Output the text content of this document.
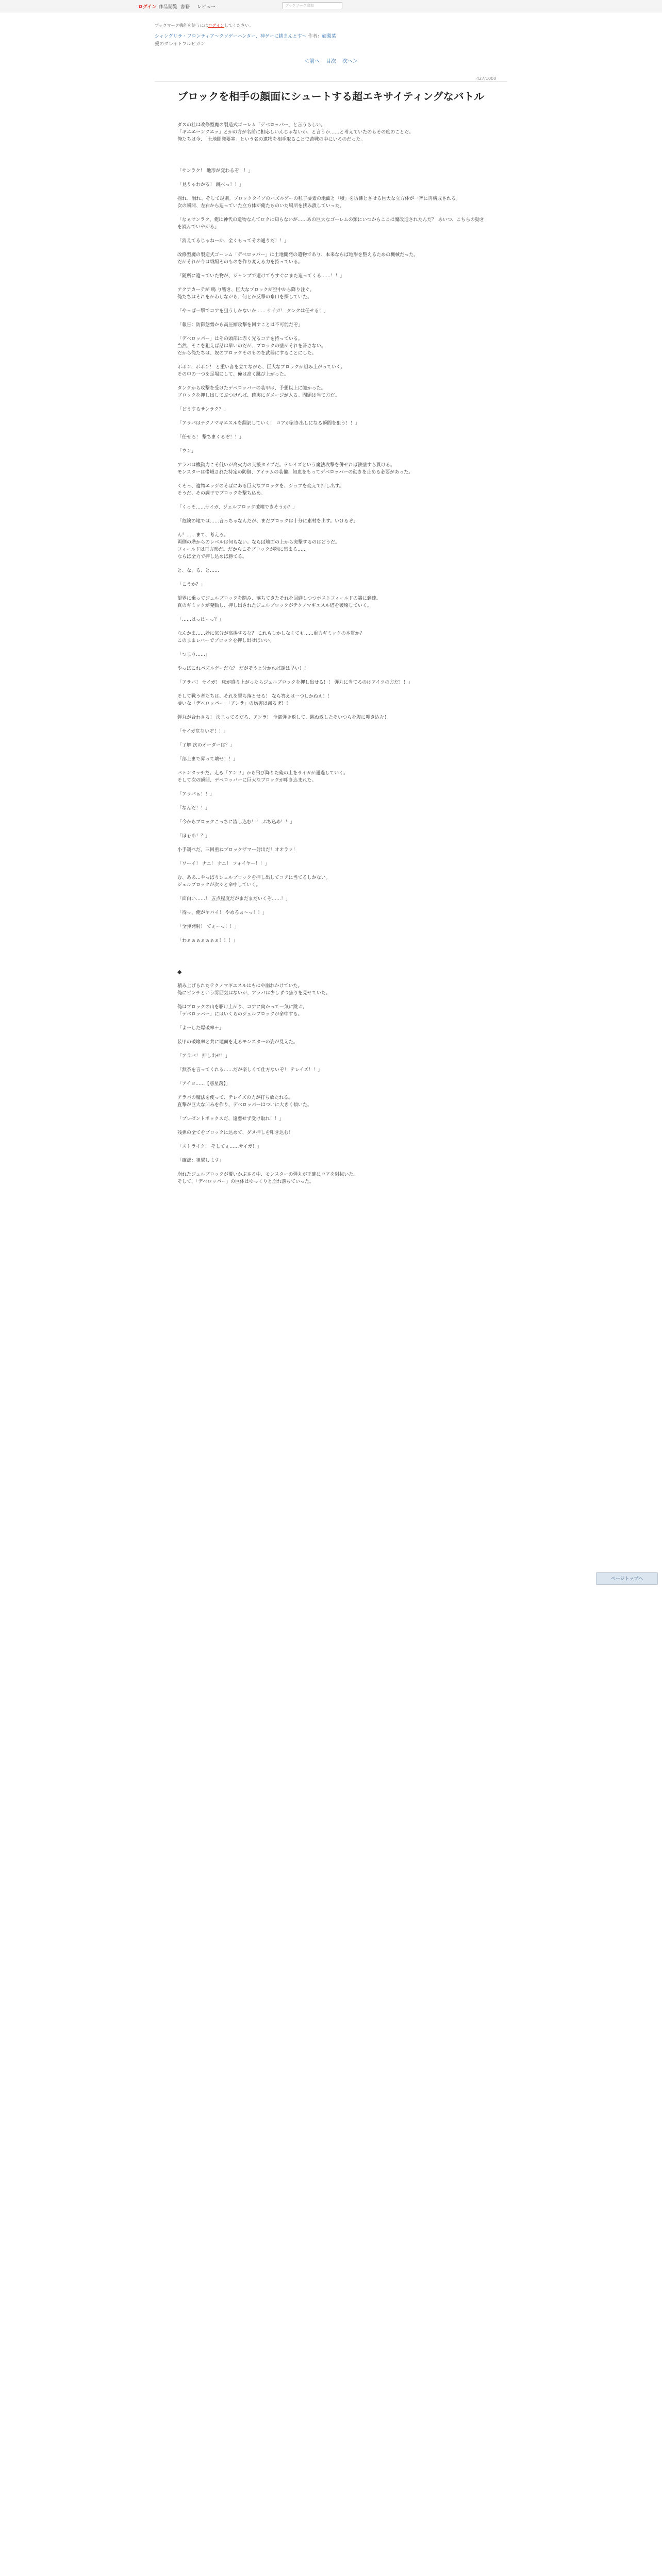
ログイン 作品閲覧 書籍 レビュー	ブックマーク追加
ブックマーク機能を使うにはログインしてください。
シャングリラ・フロンティア～クソゲーハンター、神ゲーに挑まんとす～ 作者：硬梨菜
愛のグレイトフルビガン
＜前へ 目次 次へ＞
427/1000
ブロックを相手の顔面にシュートする超エキサイティングなバトル

ダスの社は改修型魔の製造式ゴーレム「デベロッパー」と言うらしい。
「ギエエーンクエッ」とかの方が名前に相応しいんじゃないか、と言うか……と考えていたのもその度のことだ。
俺たちは今、「土地開発要塞」という名の遺物を相手取ることで苦戦の中にいるのだった。

「サンラク！ 地形が変わるぞ！！」

「見りゃわかる！ 跳べっ！！」

揺れ、崩れ、そして規則。ブロックタイプのバズルゲーの粒子要素の地面と「積」を彷彿とさせる巨大な立方体が一斉に再構成される。
次の瞬間、左右から迫っていた立方体が俺たちのいた場所を挟み潰していった。

「なぁサンラク、俺は神代の遺物なんてロクに知らないが……あの巨大なゴーレムの類にいつからここは魔改造されたんだ？ あいつ、こちらの動きを読んでいやがる」

「消えてるじゃねーか、全くもってその通りだ！！」

改修型魔の製造式ゴーレム「デベロッパー」は土地開発の遺物であり、本来ならば地形を整えるための機械だった。
だがそれが今は戦場そのものを作り変える力を持っている。

「随所に遺っていた物が、ジャンプで避けてもすぐにまた迫ってくる……！！」

アクアカーテが 鳴 り響き、巨大なブロックが空中から降り注ぐ。
俺たちはそれをかわしながら、何とか反撃の糸口を探していた。

「やっぱ一撃でコアを狙うしかないか…… サイガ！ タンクは任せる！」

「報告：防御態勢から高圧縮攻撃を回すことは不可能だぞ」

「デベロッパー」はその頭部に赤く光るコアを持っている。
当然、そこを狙えば話は早いのだが、ブロックの壁がそれを許さない。
だから俺たちは、奴のブロックそのものを武器にすることにした。

ボボン、ボボン！ と重い音を立てながら、巨大なブロックが組み上がっていく。
その中の一つを足場にして、俺は高く跳び上がった。

タンクから攻撃を受けたデベロッパーの装甲は、予想以上に脆かった。
ブロックを押し出してぶつければ、確実にダメージが入る。問題は当て方だ。

「どうするサンラク？」

「アラバはテクノマギエスルを翻訳していく！ コアが剥き出しになる瞬間を狙う！！」

「任せろ！ 撃ちまくるぞ！！」

「ウン」

アラバは機動力こそ低いが高火力の支援タイプだ。テレイズという魔法攻撃を併せれば鉄壁すら貫ける。
モンスターは帯域された特定の防御、アイテムの装備、知恵をもってデベロッパーの動きを止める必要があった。

くそっ、遺物エッジのそばにある巨大なブロックを、ジョブを変えて押し出す。
そうだ、その調子でブロックを撃ち込め。

「くっそ……サイガ、ジェルブロック破壊できそうか？」

「危険の地では……言っちゃなんだが、まだブロックは十分に素材を出す。いけるぞ」

ん？……まて、考えろ。
両側の塔からのレベルは何もない。ならば地面の上から突撃するのはどうだ。
フィールドは正方形だ。だからこそブロックが隅に集まる……
ならば全力で押し込めば勝てる。

と、な、る、と……

「こうか？」

望界に乗ってジェルブロックを踏み、落ちてきたそれを回避しつつポストフィールドの端に到達。
真のギミックが発動し、押し出されたジェルブロックがテクノマギエスル塔を破壊していく。

「……はっはーっ？」

なんかま……妙に気分が高揚するな？ これもしかしなくても……重力ギミックの本質か？
このままレバーでブロックを押し出せばいい。

「つまり……」

やっぱこれパズルゲーだな？ だがそうと分かれば話は早い！！

「アラバ！ サイガ！ 床が盛り上がったらジェルブロックを押し出せる！！ 弾丸に当てるのはアイツの方だ！！」

そして戦う者たちは、それを撃ち落とせる！ なら答えは一つしかねえ！！
要いな「デベロッパー」「アンラ」の妨害は減るぜ！！

弾丸が合わさる！ 決まってるだろ、アンラ！ 全部弾き返して、跳ね返したそいつらを腹に叩き込む！

「サイガ危ないぞ！！」

「了解 次のオーダーは？」

「部上まで昇って壊せ！！」

パトンタッチだ。走る「アンリ」から飛び降りた俺の上をサイガが通過していく。
そして次の瞬間、デベロッパーに巨大なブロックが叩き込まれた。

「アラバぁ！！」

「なんだ！！」

「今からブロックこっちに流し込む！！ ぶち込め！！」

「ほぉあ！？」

小手調べだ。三回重ねブロックザマー射出だ！オオラァ！

「ワーイ！ ナニ！ ナニ！ フォイヤー！！」

む、ああ…やっぱりシェルブロックを押し出してコアに当てるしかない。
ジェルブロックが次々と命中していく。

「面白い……！ 五点程度だがまだまだいくぞ……！」

「待っ、俺がヤバイ！ やめろぉ〜っ！！」

「全弾発射！ てぇーっ！！」

「わぁぁぁぁぁぁぁ！！！」

◆

積み上げられたテクノマギエスルはもはや崩れかけていた。
俺にピンチという雰囲気はないが、アラバは少しずつ焦りを見せていた。

俺はブロックの山を駆け上がり、コアに向かって一気に跳ぶ。
「デベロッパー」にはいくらのジェルブロックが命中する。

「よーしだ爆破率＋」

装甲の破壊率と共に地面を走るモンスターの姿が見えた。

「アラバ！ 押し出せ！」

「無茶を言ってくれる……だが楽しくて仕方ないぞ！ テレイズ！！」

「アイヨ……【惑星落】」

アラバの魔法を使って、テレイズの力が打ち放たれる。
直撃が巨大な凹みを作り、デベロッパーはついに大きく傾いた。

「プレゼントボックスだ、遠慮せず受け取れ！！」

残弾の全てをブロックに込めて、ダメ押しを叩き込む！

「ストライク！ そしてぇ……サイガ！」

「確認：狙撃します」

崩れたジェルブロックが覆いかぶさる中、モンスターの弾丸が正確にコアを射抜いた。
そして、「デベロッパー」の巨体はゆっくりと崩れ落ちていった。

ページトップへ
